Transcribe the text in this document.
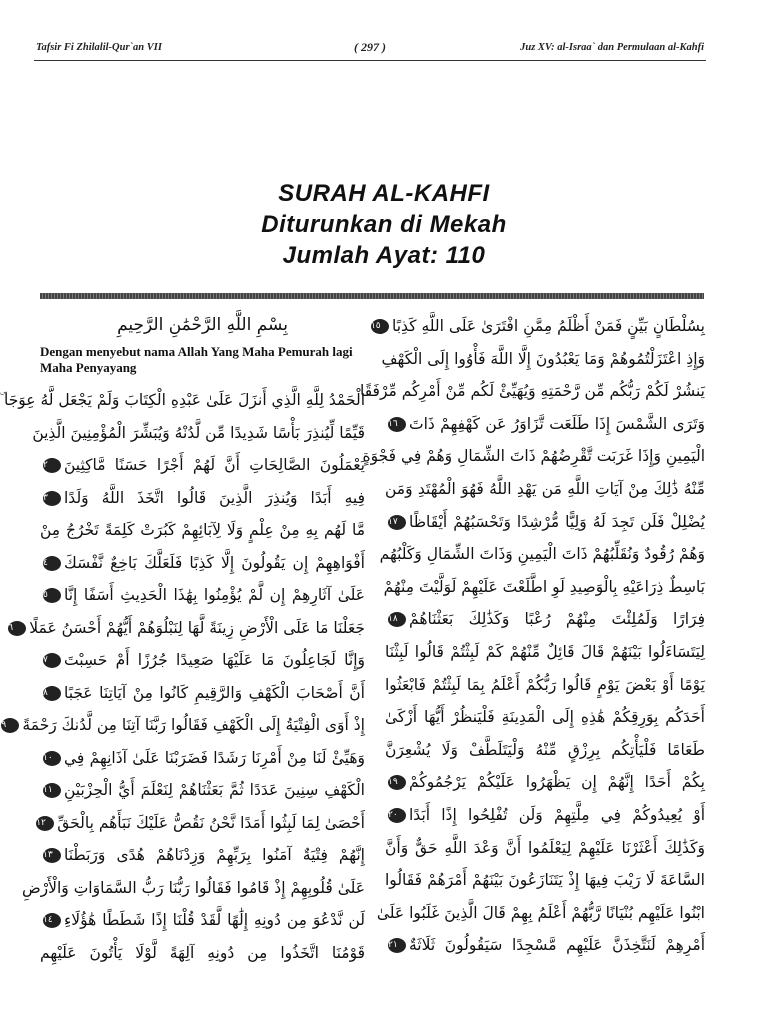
Tafsir Fi Zhilalil-Qur`an VII	( 297 )	Juz XV: al-Israa` dan Permulaan al-Kahfi
SURAH AL-KAHFI
Diturunkan di Mekah
Jumlah Ayat: 110
بِسْمِ اللَّهِ الرَّحْمَٰنِ الرَّحِيمِ
Dengan menyebut nama Allah Yang Maha Pemurah lagi Maha Penyayang
الْحَمْدُ لِلَّهِ الَّذِي أَنزَلَ عَلَىٰ عَبْدِهِ الْكِتَابَ وَلَمْ يَجْعَل لَّهُ عِوَجَا ۜ
قَيِّمًا لِّيُنذِرَ بَأْسًا شَدِيدًا مِّن لَّدُنْهُ وَيُبَشِّرَ الْمُؤْمِنِينَ الَّذِينَ
يَعْمَلُونَ الصَّالِحَاتِ أَنَّ لَهُمْ أَجْرًا حَسَنًا مَّاكِثِينَ٢
فِيهِ أَبَدًا وَيُنذِرَ الَّذِينَ قَالُوا اتَّخَذَ اللَّهُ وَلَدًا٣
مَّا لَهُم بِهِ مِنْ عِلْمٍ وَلَا لِآبَائِهِمْ كَبُرَتْ كَلِمَةً تَخْرُجُ مِنْ
أَفْوَاهِهِمْ إِن يَقُولُونَ إِلَّا كَذِبًا فَلَعَلَّكَ بَاخِعٌ نَّفْسَكَ٤
عَلَىٰ آثَارِهِمْ إِن لَّمْ يُؤْمِنُوا بِهَٰذَا الْحَدِيثِ أَسَفًا إِنَّا٥
جَعَلْنَا مَا عَلَى الْأَرْضِ زِينَةً لَّهَا لِنَبْلُوَهُمْ أَيُّهُمْ أَحْسَنُ عَمَلًا٦
وَإِنَّا لَجَاعِلُونَ مَا عَلَيْهَا صَعِيدًا جُرُزًا أَمْ حَسِبْتَ٧
أَنَّ أَصْحَابَ الْكَهْفِ وَالرَّقِيمِ كَانُوا مِنْ آيَاتِنَا عَجَبًا٨
إِذْ أَوَى الْفِتْيَةُ إِلَى الْكَهْفِ فَقَالُوا رَبَّنَا آتِنَا مِن لَّدُنكَ رَحْمَةً٩
وَهَيِّئْ لَنَا مِنْ أَمْرِنَا رَشَدًا فَضَرَبْنَا عَلَىٰ آذَانِهِمْ فِي١٠
الْكَهْفِ سِنِينَ عَدَدًا ثُمَّ بَعَثْنَاهُمْ لِنَعْلَمَ أَيُّ الْحِزْبَيْنِ١١
أَحْصَىٰ لِمَا لَبِثُوا أَمَدًا نَّحْنُ نَقُصُّ عَلَيْكَ نَبَأَهُم بِالْحَقِّ١٢
إِنَّهُمْ فِتْيَةٌ آمَنُوا بِرَبِّهِمْ وَزِدْنَاهُمْ هُدًى وَرَبَطْنَا١٣
عَلَىٰ قُلُوبِهِمْ إِذْ قَامُوا فَقَالُوا رَبُّنَا رَبُّ السَّمَاوَاتِ وَالْأَرْضِ
لَن نَّدْعُوَ مِن دُونِهِ إِلَٰهًا لَّقَدْ قُلْنَا إِذًا شَطَطًا هَٰؤُلَاءِ١٤
قَوْمُنَا اتَّخَذُوا مِن دُونِهِ آلِهَةً لَّوْلَا يَأْتُونَ عَلَيْهِم
بِسُلْطَانٍ بَيِّنٍ فَمَنْ أَظْلَمُ مِمَّنِ افْتَرَىٰ عَلَى اللَّهِ كَذِبًا١٥
وَإِذِ اعْتَزَلْتُمُوهُمْ وَمَا يَعْبُدُونَ إِلَّا اللَّهَ فَأْوُوا إِلَى الْكَهْفِ
يَنشُرْ لَكُمْ رَبُّكُم مِّن رَّحْمَتِهِ وَيُهَيِّئْ لَكُم مِّنْ أَمْرِكُم مِّرْفَقًا
وَتَرَى الشَّمْسَ إِذَا طَلَعَت تَّزَاوَرُ عَن كَهْفِهِمْ ذَاتَ١٦
الْيَمِينِ وَإِذَا غَرَبَت تَّقْرِضُهُمْ ذَاتَ الشِّمَالِ وَهُمْ فِي فَجْوَةٍ
مِّنْهُ ذَٰلِكَ مِنْ آيَاتِ اللَّهِ مَن يَهْدِ اللَّهُ فَهُوَ الْمُهْتَدِ وَمَن
يُضْلِلْ فَلَن تَجِدَ لَهُ وَلِيًّا مُّرْشِدًا وَتَحْسَبُهُمْ أَيْقَاظًا١٧
وَهُمْ رُقُودٌ وَنُقَلِّبُهُمْ ذَاتَ الْيَمِينِ وَذَاتَ الشِّمَالِ وَكَلْبُهُم
بَاسِطٌ ذِرَاعَيْهِ بِالْوَصِيدِ لَوِ اطَّلَعْتَ عَلَيْهِمْ لَوَلَّيْتَ مِنْهُمْ
فِرَارًا وَلَمُلِئْتَ مِنْهُمْ رُعْبًا وَكَذَٰلِكَ بَعَثْنَاهُمْ١٨
لِيَتَسَاءَلُوا بَيْنَهُمْ قَالَ قَائِلٌ مِّنْهُمْ كَمْ لَبِثْتُمْ قَالُوا لَبِثْنَا
يَوْمًا أَوْ بَعْضَ يَوْمٍ قَالُوا رَبُّكُمْ أَعْلَمُ بِمَا لَبِثْتُمْ فَابْعَثُوا
أَحَدَكُم بِوَرِقِكُمْ هَٰذِهِ إِلَى الْمَدِينَةِ فَلْيَنظُرْ أَيُّهَا أَزْكَىٰ
طَعَامًا فَلْيَأْتِكُم بِرِزْقٍ مِّنْهُ وَلْيَتَلَطَّفْ وَلَا يُشْعِرَنَّ
بِكُمْ أَحَدًا إِنَّهُمْ إِن يَظْهَرُوا عَلَيْكُمْ يَرْجُمُوكُمْ١٩
أَوْ يُعِيدُوكُمْ فِي مِلَّتِهِمْ وَلَن تُفْلِحُوا إِذًا أَبَدًا٢٠
وَكَذَٰلِكَ أَعْثَرْنَا عَلَيْهِمْ لِيَعْلَمُوا أَنَّ وَعْدَ اللَّهِ حَقٌّ وَأَنَّ
السَّاعَةَ لَا رَيْبَ فِيهَا إِذْ يَتَنَازَعُونَ بَيْنَهُمْ أَمْرَهُمْ فَقَالُوا
ابْنُوا عَلَيْهِم بُنْيَانًا رَّبُّهُمْ أَعْلَمُ بِهِمْ قَالَ الَّذِينَ غَلَبُوا عَلَىٰ
أَمْرِهِمْ لَنَتَّخِذَنَّ عَلَيْهِم مَّسْجِدًا سَيَقُولُونَ ثَلَاثَةٌ٢١
